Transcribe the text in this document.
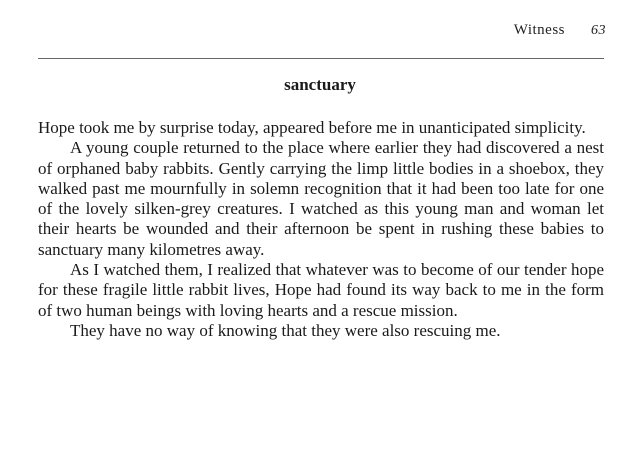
Witness 63
sanctuary

Hope took me by surprise today, appeared before me in unanticipated simplicity.

A young couple returned to the place where earlier they had discovered a nest of orphaned baby rabbits. Gently carrying the limp little bodies in a shoebox, they walked past me mournfully in solemn recognition that it had been too late for one of the lovely silken-grey creatures. I watched as this young man and woman let their hearts be wounded and their afternoon be spent in rushing these babies to sanctuary many kilometres away.

As I watched them, I realized that whatever was to become of our tender hope for these fragile little rabbit lives, Hope had found its way back to me in the form of two human beings with loving hearts and a rescue mission.

They have no way of knowing that they were also rescuing me.
